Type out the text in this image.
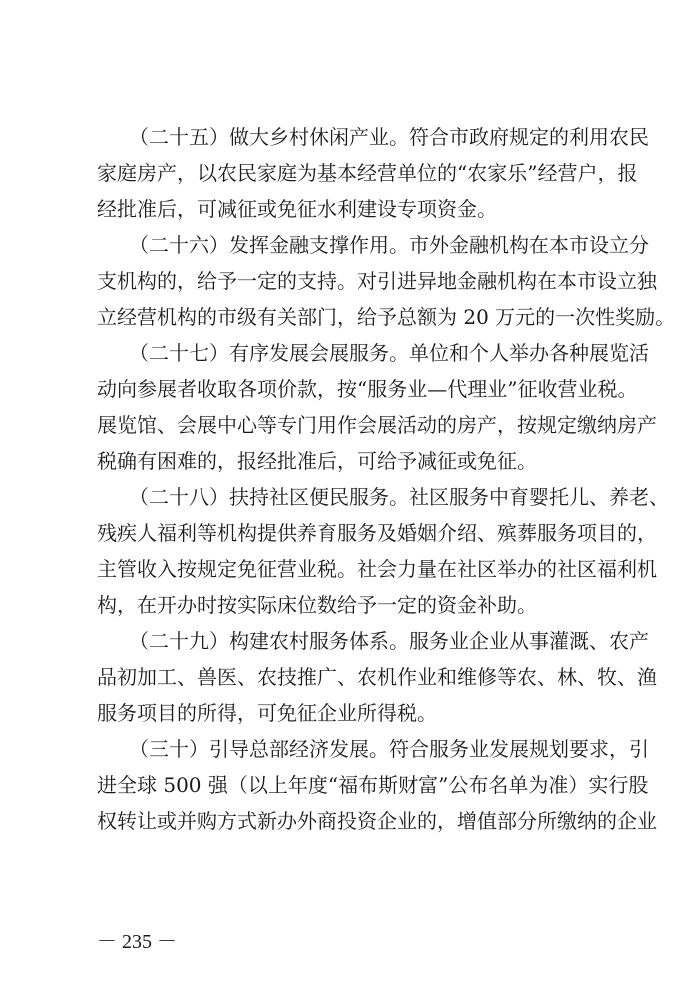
（二十五）做大乡村休闲产业。符合市政府规定的利用农民
家庭房产，以农民家庭为基本经营单位的“农家乐”经营户，报
经批准后，可减征或免征水利建设专项资金。
（二十六）发挥金融支撑作用。市外金融机构在本市设立分
支机构的，给予一定的支持。对引进异地金融机构在本市设立独
立经营机构的市级有关部门，给予总额为 20 万元的一次性奖励。
（二十七）有序发展会展服务。单位和个人举办各种展览活
动向参展者收取各项价款，按“服务业—代理业”征收营业税。
展览馆、会展中心等专门用作会展活动的房产，按规定缴纳房产
税确有困难的，报经批准后，可给予减征或免征。
（二十八）扶持社区便民服务。社区服务中育婴托儿、养老、
残疾人福利等机构提供养育服务及婚姻介绍、殡葬服务项目的，
主管收入按规定免征营业税。社会力量在社区举办的社区福利机
构，在开办时按实际床位数给予一定的资金补助。
（二十九）构建农村服务体系。服务业企业从事灌溉、农产
品初加工、兽医、农技推广、农机作业和维修等农、林、牧、渔
服务项目的所得，可免征企业所得税。
（三十）引导总部经济发展。符合服务业发展规划要求，引
进全球 500 强（以上年度“福布斯财富”公布名单为准）实行股
权转让或并购方式新办外商投资企业的，增值部分所缴纳的企业
－ 235 －
